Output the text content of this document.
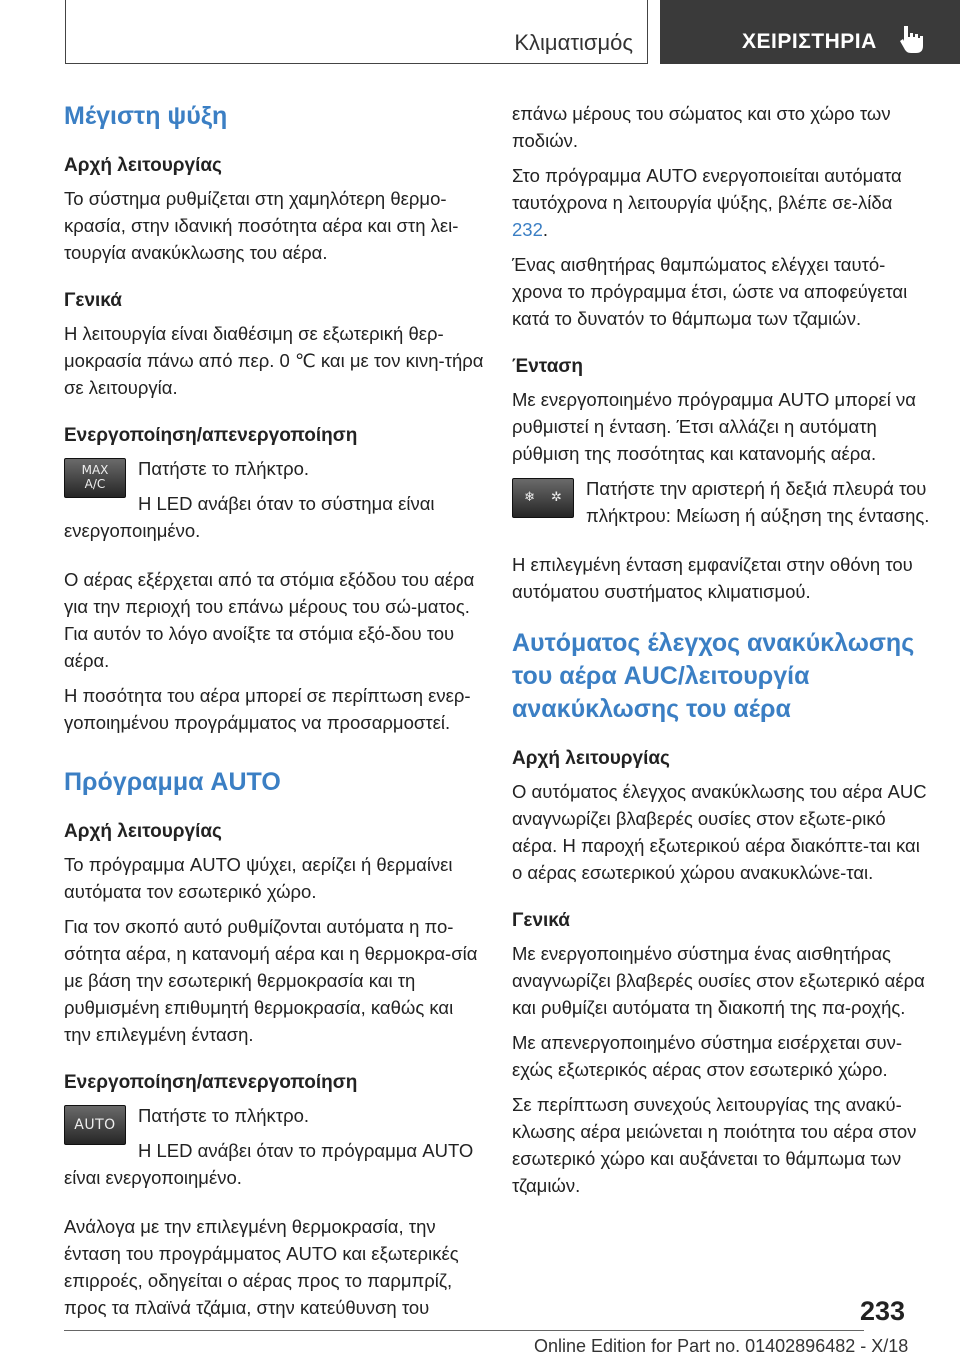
Κλιματισμός	ΧΕΙΡΙΣΤΗΡΙΑ
Μέγιστη ψύξη
Αρχή λειτουργίας

Το σύστημα ρυθμίζεται στη χαμηλότερη θερμο-κρασία, στην ιδανική ποσότητα αέρα και στη λει-τουργία ανακύκλωσης του αέρα.

Γενικά

Η λειτουργία είναι διαθέσιμη σε εξωτερική θερ-μοκρασία πάνω από περ. 0 ℃ και με τον κινη-τήρα σε λειτουργία.

Ενεργοποίηση/απενεργοποίηση
MAX
A/C

Πατήστε το πλήκτρο.

Η LED ανάβει όταν το σύστημα είναι ενεργοποιημένο.

Ο αέρας εξέρχεται από τα στόμια εξόδου του αέρα για την περιοχή του επάνω μέρους του σώ-ματος. Για αυτόν το λόγο ανοίξτε τα στόμια εξό-δου του αέρα.

Η ποσότητα του αέρα μπορεί σε περίπτωση ενερ-γοποιημένου προγράμματος να προσαρμοστεί.

Πρόγραμμα AUTO
Αρχή λειτουργίας

Το πρόγραμμα AUTO ψύχει, αερίζει ή θερμαίνει αυτόματα τον εσωτερικό χώρο.

Για τον σκοπό αυτό ρυθμίζονται αυτόματα η πο-σότητα αέρα, η κατανομή αέρα και η θερμοκρα-σία με βάση την εσωτερική θερμοκρασία και τη ρυθμισμένη επιθυμητή θερμοκρασία, καθώς και την επιλεγμένη ένταση.

Ενεργοποίηση/απενεργοποίηση
AUTO	Πατήστε το πλήκτρο.

Η LED ανάβει όταν το πρόγραμμα AUTO είναι ενεργοποιημένο.

Ανάλογα με την επιλεγμένη θερμοκρασία, την ένταση του προγράμματος AUTO και εξωτερικές επιρροές, οδηγείται ο αέρας προς το παρμπρίζ, προς τα πλαϊνά τζάμια, στην κατεύθυνση του

επάνω μέρους του σώματος και στο χώρο των ποδιών.

Στο πρόγραμμα AUTO ενεργοποιείται αυτόματα ταυτόχρονα η λειτουργία ψύξης, βλέπε σε-λίδα 232.

Ένας αισθητήρας θαμπώματος ελέγχει ταυτό-χρονα το πρόγραμμα έτσι, ώστε να αποφεύγεται κατά το δυνατόν το θάμπωμα των τζαμιών.

Ένταση

Με ενεργοποιημένο πρόγραμμα AUTO μπορεί να ρυθμιστεί η ένταση. Έτσι αλλάζει η αυτόματη ρύθμιση της ποσότητας και κατανομής αέρα.

❄ ✲	Πατήστε την αριστερή ή δεξιά πλευρά του πλήκτρου: Μείωση ή αύξηση της έντασης.

Η επιλεγμένη ένταση εμφανίζεται στην οθόνη του αυτόματου συστήματος κλιματισμού.

Αυτόματος έλεγχος ανακύκλωσης του αέρα AUC/λειτουργία ανακύκλωσης του αέρα
Αρχή λειτουργίας

Ο αυτόματος έλεγχος ανακύκλωσης του αέρα AUC αναγνωρίζει βλαβερές ουσίες στον εξωτε-ρικό αέρα. Η παροχή εξωτερικού αέρα διακόπτε-ται και ο αέρας εσωτερικού χώρου ανακυκλώνε-ται.

Γενικά

Με ενεργοποιημένο σύστημα ένας αισθητήρας αναγνωρίζει βλαβερές ουσίες στον εξωτερικό αέρα και ρυθμίζει αυτόματα τη διακοπή της πα-ροχής.

Με απενεργοποιημένο σύστημα εισέρχεται συν-εχώς εξωτερικός αέρας στον εσωτερικό χώρο.

Σε περίπτωση συνεχούς λειτουργίας της ανακύ-κλωσης αέρα μειώνεται η ποιότητα του αέρα στον εσωτερικό χώρο και αυξάνεται το θάμπωμα των τζαμιών.

233
Online Edition for Part no. 01402896482 - X/18
